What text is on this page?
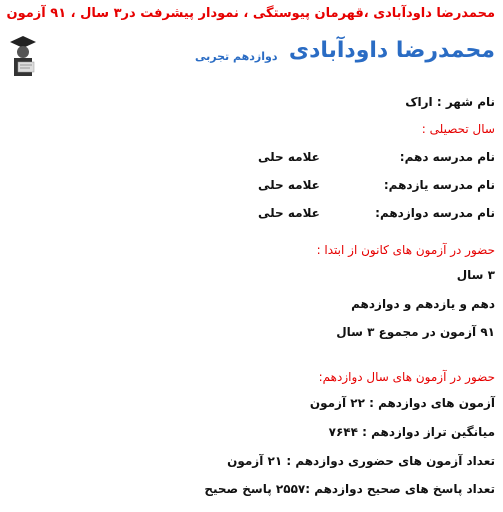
محمدرضا داودآبادی ،قهرمان پیوستگی ، نمودار پیشرفت در۳ سال ، ۹۱ آزمون
محمدرضا داودآبادی
دوازدهم تجربی
نام شهر : اراک
سال تحصیلی :
نام مدرسه دهم:
علامه حلی
نام مدرسه یازدهم:
علامه حلی
نام مدرسه دوازدهم:
علامه حلی
حضور در آزمون های کانون از ابتدا :
۳ سال
دهم و یازدهم و دوازدهم
۹۱ آزمون در مجموع ۳ سال
حضور در آزمون های سال دوازدهم:
آزمون های دوازدهم : ۲۲ آزمون
میانگین تراز دوازدهم : ۷۶۴۴
تعداد آزمون های حضوری دوازدهم : ۲۱ آزمون
تعداد پاسخ های صحیح دوازدهم :۲۵۵۷ پاسخ صحیح
